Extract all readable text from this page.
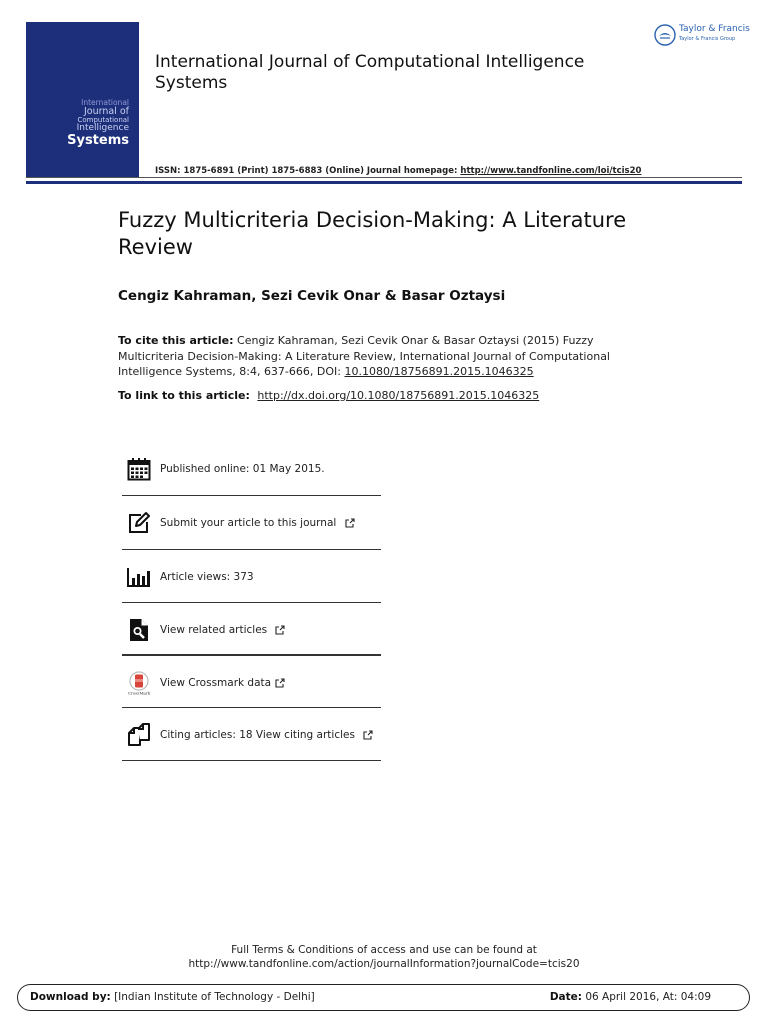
International
Journal of
Computational
Intelligence
Systems
International Journal of Computational Intelligence Systems
ISSN: 1875-6891 (Print) 1875-6883 (Online) Journal homepage: http://www.tandfonline.com/loi/tcis20
Taylor & Francis
Taylor & Francis Group
Fuzzy Multicriteria Decision-Making: A Literature Review
Cengiz Kahraman, Sezi Cevik Onar & Basar Oztaysi
To cite this article: Cengiz Kahraman, Sezi Cevik Onar & Basar Oztaysi (2015) Fuzzy Multicriteria Decision-Making: A Literature Review, International Journal of Computational Intelligence Systems, 8:4, 637-666, DOI: 10.1080/18756891.2015.1046325
To link to this article: http://dx.doi.org/10.1080/18756891.2015.1046325
Published online: 01 May 2015.
Submit your article to this journal
Article views: 373
View related articles
CrossMark
View Crossmark data
Citing articles: 18 View citing articles
Full Terms & Conditions of access and use can be found at
http://www.tandfonline.com/action/journalInformation?journalCode=tcis20
Download by: [Indian Institute of Technology - Delhi]	Date: 06 April 2016, At: 04:09
